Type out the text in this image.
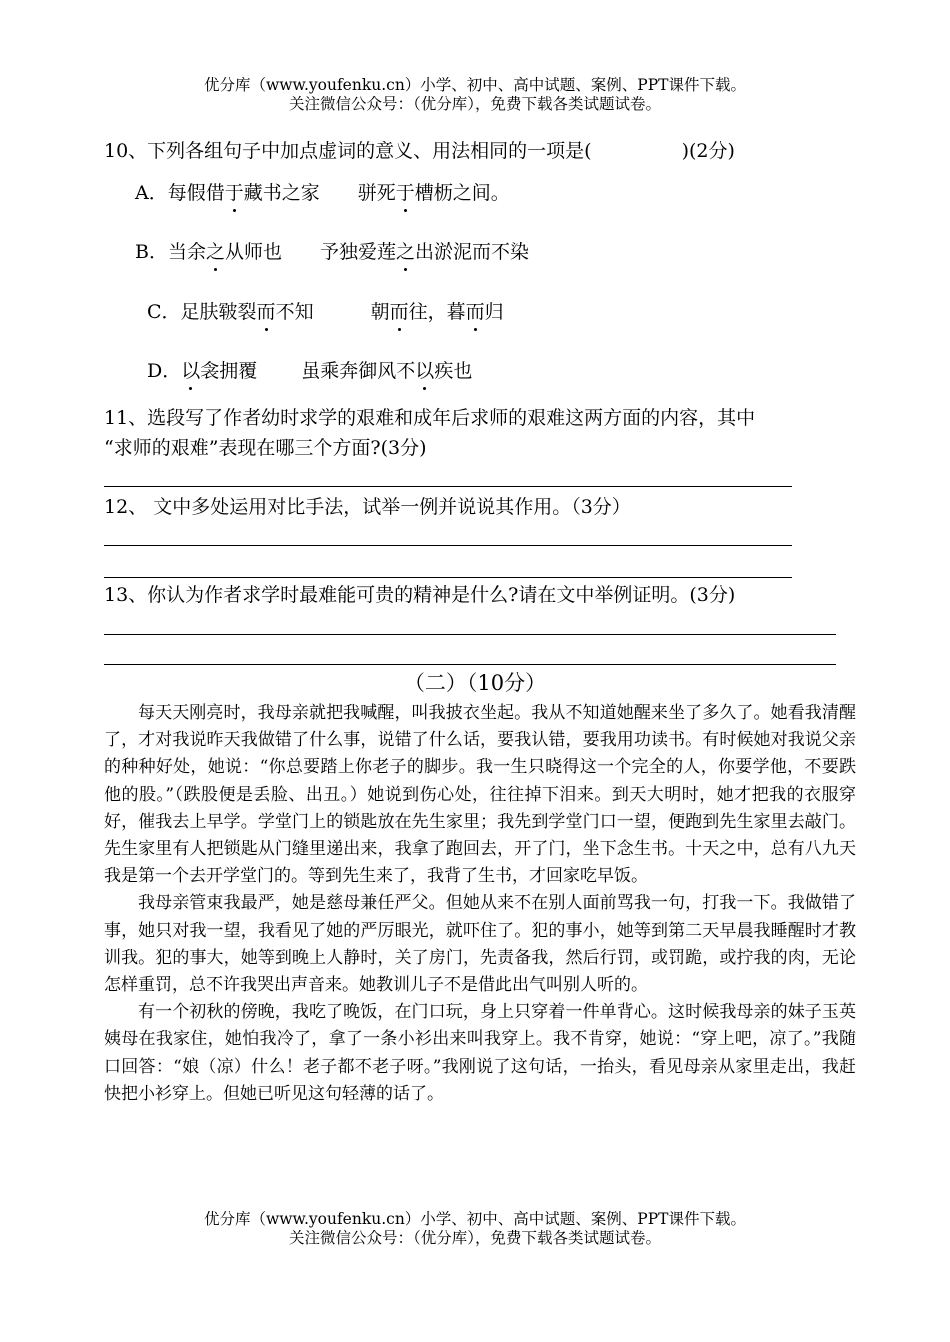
优分库（www.youfenku.cn）小学、初中、高中试题、案例、PPT课件下载。
关注微信公众号：（优分库），免费下载各类试题试卷。
10、下列各组句子中加点虚词的意义、用法相同的一项是(	)(2分)
A．每假借于藏书之家　　骈死于槽枥之间。
B．当余之从师也　　予独爱莲之出淤泥而不染
C．足肤皲裂而不知　　　朝而往，暮而归
D．以衾拥覆　　 虽乘奔御风不以疾也
11、选段写了作者幼时求学的艰难和成年后求师的艰难这两方面的内容，其中
“求师的艰难”表现在哪三个方面?(3分)
12、 文中多处运用对比手法，试举一例并说说其作用。（3分）
13、你认为作者求学时最难能可贵的精神是什么?请在文中举例证明。(3分)
（二）（10分）

每天天刚亮时，我母亲就把我喊醒，叫我披衣坐起。我从不知道她醒来坐了多久了。她看我清醒了，才对我说昨天我做错了什么事，说错了什么话，要我认错，要我用功读书。有时候她对我说父亲的种种好处，她说：“你总要踏上你老子的脚步。我一生只晓得这一个完全的人，你要学他，不要跌他的股。”（跌股便是丢脸、出丑。）她说到伤心处，往往掉下泪来。到天大明时，她才把我的衣服穿好，催我去上早学。学堂门上的锁匙放在先生家里；我先到学堂门口一望，便跑到先生家里去敲门。先生家里有人把锁匙从门缝里递出来，我拿了跑回去，开了门，坐下念生书。十天之中，总有八九天我是第一个去开学堂门的。等到先生来了，我背了生书，才回家吃早饭。

我母亲管束我最严，她是慈母兼任严父。但她从来不在别人面前骂我一句，打我一下。我做错了事，她只对我一望，我看见了她的严厉眼光，就吓住了。犯的事小，她等到第二天早晨我睡醒时才教训我。犯的事大，她等到晚上人静时，关了房门，先责备我，然后行罚，或罚跪，或拧我的肉，无论怎样重罚，总不许我哭出声音来。她教训儿子不是借此出气叫别人听的。

有一个初秋的傍晚，我吃了晚饭，在门口玩，身上只穿着一件单背心。这时候我母亲的妹子玉英姨母在我家住，她怕我冷了，拿了一条小衫出来叫我穿上。我不肯穿，她说：“穿上吧，凉了。”我随口回答：“娘（凉）什么！老子都不老子呀。”我刚说了这句话，一抬头，看见母亲从家里走出，我赶快把小衫穿上。但她已听见这句轻薄的话了。

优分库（www.youfenku.cn）小学、初中、高中试题、案例、PPT课件下载。
关注微信公众号：（优分库），免费下载各类试题试卷。
